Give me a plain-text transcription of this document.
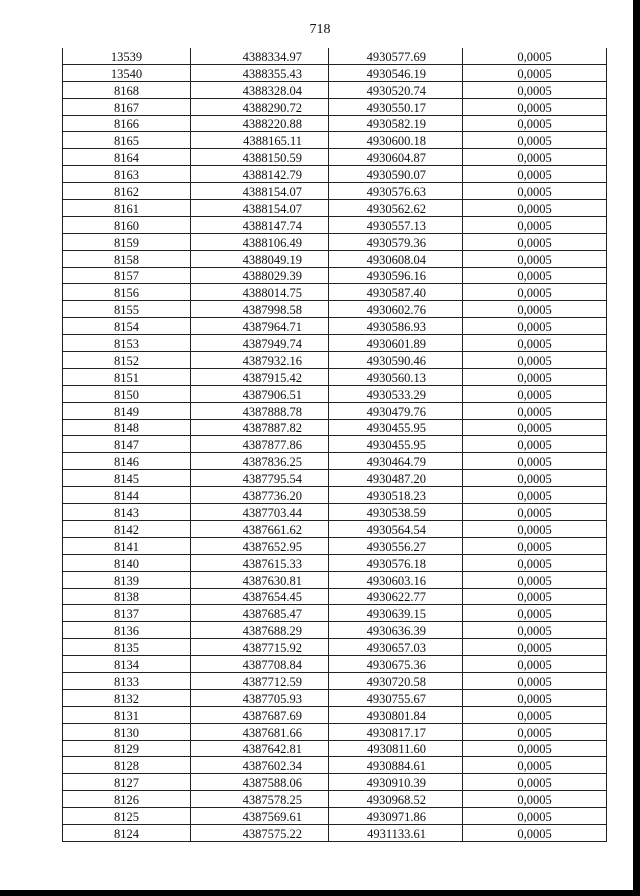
718
13539	4388334.97	4930577.69	0,0005
13540	4388355.43	4930546.19	0,0005
8168	4388328.04	4930520.74	0,0005
8167	4388290.72	4930550.17	0,0005
8166	4388220.88	4930582.19	0,0005
8165	4388165.11	4930600.18	0,0005
8164	4388150.59	4930604.87	0,0005
8163	4388142.79	4930590.07	0,0005
8162	4388154.07	4930576.63	0,0005
8161	4388154.07	4930562.62	0,0005
8160	4388147.74	4930557.13	0,0005
8159	4388106.49	4930579.36	0,0005
8158	4388049.19	4930608.04	0,0005
8157	4388029.39	4930596.16	0,0005
8156	4388014.75	4930587.40	0,0005
8155	4387998.58	4930602.76	0,0005
8154	4387964.71	4930586.93	0,0005
8153	4387949.74	4930601.89	0,0005
8152	4387932.16	4930590.46	0,0005
8151	4387915.42	4930560.13	0,0005
8150	4387906.51	4930533.29	0,0005
8149	4387888.78	4930479.76	0,0005
8148	4387887.82	4930455.95	0,0005
8147	4387877.86	4930455.95	0,0005
8146	4387836.25	4930464.79	0,0005
8145	4387795.54	4930487.20	0,0005
8144	4387736.20	4930518.23	0,0005
8143	4387703.44	4930538.59	0,0005
8142	4387661.62	4930564.54	0,0005
8141	4387652.95	4930556.27	0,0005
8140	4387615.33	4930576.18	0,0005
8139	4387630.81	4930603.16	0,0005
8138	4387654.45	4930622.77	0,0005
8137	4387685.47	4930639.15	0,0005
8136	4387688.29	4930636.39	0,0005
8135	4387715.92	4930657.03	0,0005
8134	4387708.84	4930675.36	0,0005
8133	4387712.59	4930720.58	0,0005
8132	4387705.93	4930755.67	0,0005
8131	4387687.69	4930801.84	0,0005
8130	4387681.66	4930817.17	0,0005
8129	4387642.81	4930811.60	0,0005
8128	4387602.34	4930884.61	0,0005
8127	4387588.06	4930910.39	0,0005
8126	4387578.25	4930968.52	0,0005
8125	4387569.61	4930971.86	0,0005
8124	4387575.22	4931133.61	0,0005
